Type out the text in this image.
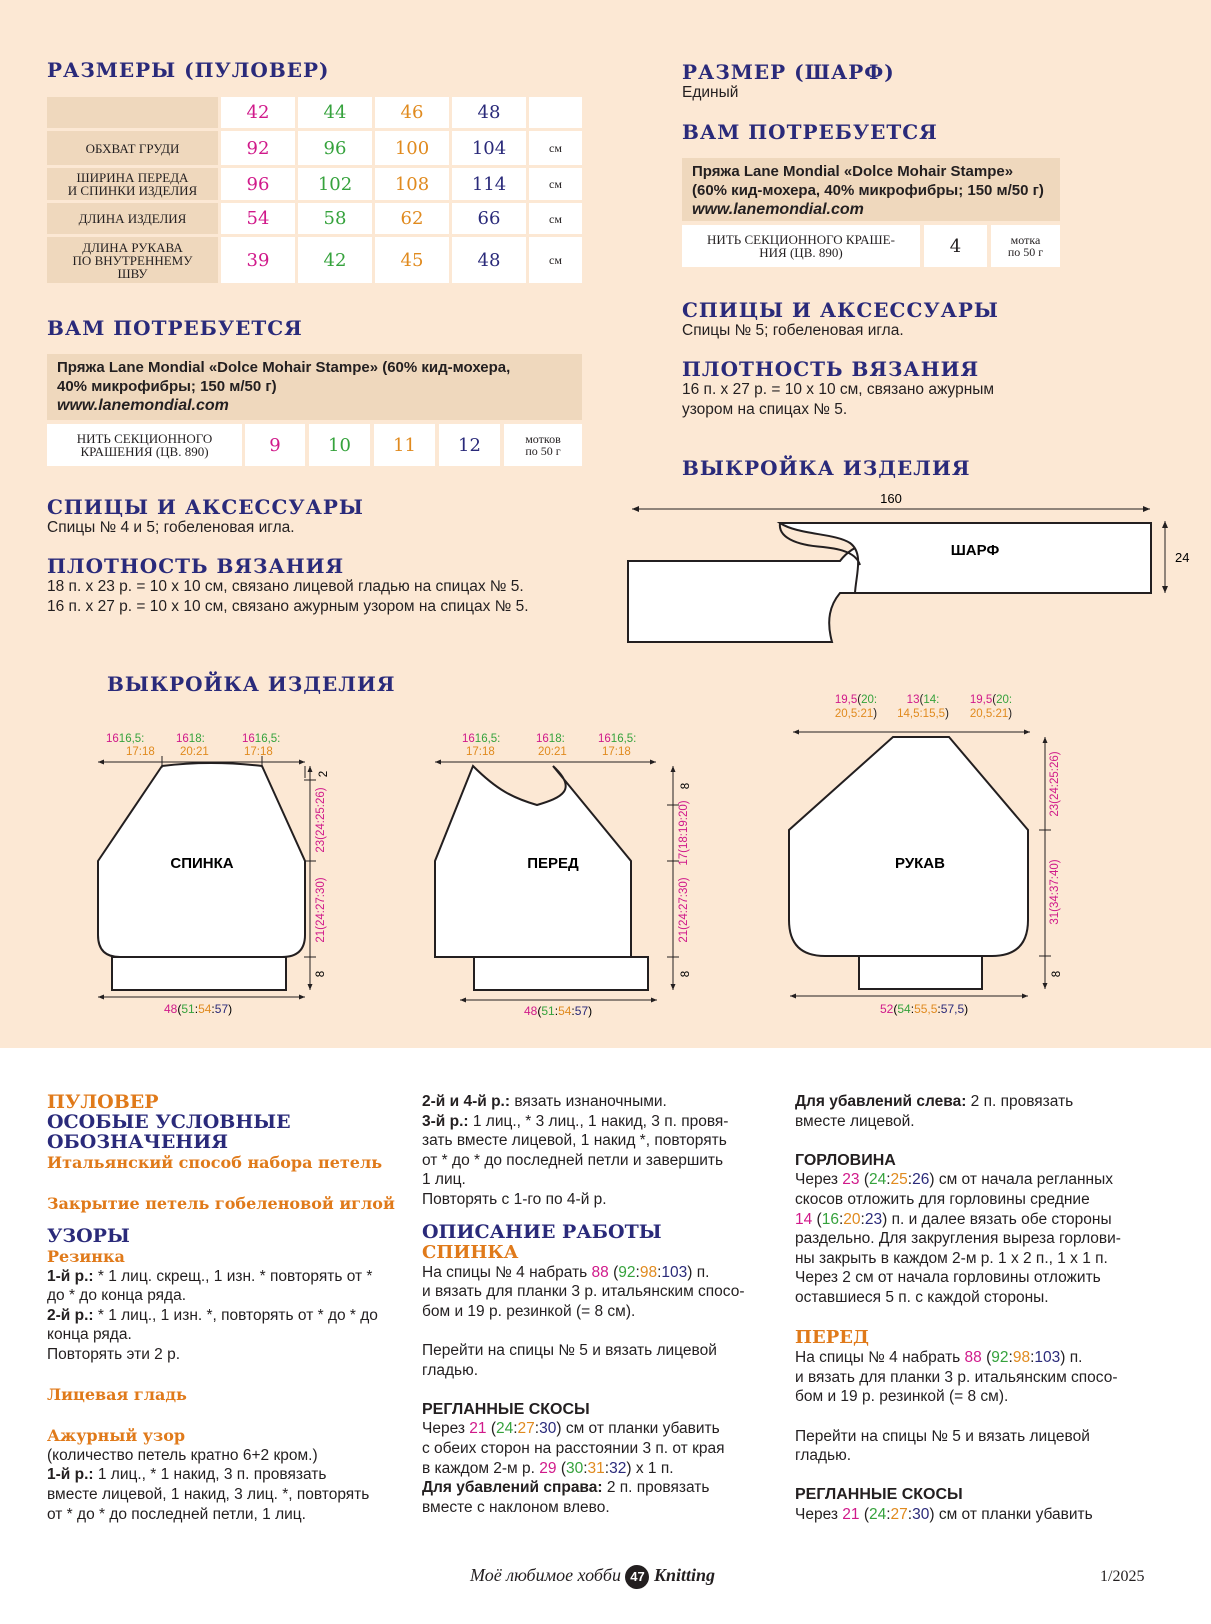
РАЗМЕРЫ (ПУЛОВЕР)
42	44	46	48
ОБХВАТ ГРУДИ	92	96	100	104	см
ШИРИНА ПЕРЕДА
И СПИНКИ ИЗДЕЛИЯ	96	102	108	114	см
ДЛИНА ИЗДЕЛИЯ	54	58	62	66	см
ДЛИНА РУКАВА
ПО ВНУТРЕННЕМУ
ШВУ
39	42	45	48	см
ВАМ ПОТРЕБУЕТСЯ
Пряжа Lane Mondial «Dolce Mohair Stampe» (60% кид-мохера,
40% микрофибры; 150 м/50 г)
www.lanemondial.com
НИТЬ СЕКЦИОННОГО
КРАШЕНИЯ (ЦВ. 890)	9	10	11	12	мотков
по 50 г
СПИЦЫ И АКСЕССУАРЫ

Спицы № 4 и 5; гобеленовая игла.

ПЛОТНОСТЬ ВЯЗАНИЯ

18 п. x 23 р. = 10 x 10 см, связано лицевой гладью на спицах № 5.

16 п. x 27 р. = 10 x 10 см, связано ажурным узором на спицах № 5.

РАЗМЕР (ШАРФ)

Единый

ВАМ ПОТРЕБУЕТСЯ
Пряжа Lane Mondial «Dolce Mohair Stampe»
(60% кид-мохера, 40% микрофибры; 150 м/50 г)
www.lanemondial.com
НИТЬ СЕКЦИОННОГО КРАШЕ-
НИЯ (ЦВ. 890)	4	мотка
по 50 г
СПИЦЫ И АКСЕССУАРЫ

Спицы № 5; гобеленовая игла.

ПЛОТНОСТЬ ВЯЗАНИЯ

16 п. x 27 р. = 10 x 10 см, связано ажурным

узором на спицах № 5.

ВЫКРОЙКА ИЗДЕЛИЯ
160
24
ШАРФ
ВЫКРОЙКА ИЗДЕЛИЯ
СПИНКА
1616,5:
17:18
1618:
20:21
1616,5:
17:18
2
23(24:25:26)
21(24:27:30)
8
48(51:54:57)
ПЕРЕД
1616,5:
17:18
1618:
20:21
1616,5:
17:18
8
17(18:19:20)
21(24:27:30)
8
48(51:54:57)
РУКАВ
23(24:25:26)
31(34:37:40)
8
52(54:55,5:57,5)
19,5(20:
20,5:21)
13(14:
14,5:15,5)
19,5(20:
20,5:21)

ПУЛОВЕР

ОСОБЫЕ УСЛОВНЫЕ

ОБОЗНАЧЕНИЯ

Итальянский способ набора петель

Закрытие петель гобеленовой иглой

УЗОРЫ

Резинка

1-й р.: * 1 лиц. скрещ., 1 изн. * повторять от *

до * до конца ряда.

2-й р.: * 1 лиц., 1 изн. *, повторять от * до * до

конца ряда.

Повторять эти 2 р.

Лицевая гладь

Ажурный узор

(количество петель кратно 6+2 кром.)

1-й р.: 1 лиц., * 1 накид, 3 п. провязать

вместе лицевой, 1 накид, 3 лиц. *, повторять

от * до * до последней петли, 1 лиц.

2-й и 4-й р.: вязать изнаночными.

3-й р.: 1 лиц., * 3 лиц., 1 накид, 3 п. провя-

зать вместе лицевой, 1 накид *, повторять

от * до * до последней петли и завершить

1 лиц.

Повторять с 1-го по 4-й р.

ОПИСАНИЕ РАБОТЫ

СПИНКА

На спицы № 4 набрать 88 (92:98:103) п.

и вязать для планки 3 р. итальянским спосо-

бом и 19 р. резинкой (= 8 см).

Перейти на спицы № 5 и вязать лицевой

гладью.

РЕГЛАННЫЕ СКОСЫ

Через 21 (24:27:30) см от планки убавить

с обеих сторон на расстоянии 3 п. от края

в каждом 2-м р. 29 (30:31:32) x 1 п.

Для убавлений справа: 2 п. провязать

вместе с наклоном влево.

Для убавлений слева: 2 п. провязать

вместе лицевой.

ГОРЛОВИНА

Через 23 (24:25:26) см от начала регланных

скосов отложить для горловины средние

14 (16:20:23) п. и далее вязать обе стороны

раздельно. Для закругления выреза горлови-

ны закрыть в каждом 2-м р. 1 x 2 п., 1 x 1 п.

Через 2 см от начала горловины отложить

оставшиеся 5 п. с каждой стороны.

ПЕРЕД

На спицы № 4 набрать 88 (92:98:103) п.

и вязать для планки 3 р. итальянским спосо-

бом и 19 р. резинкой (= 8 см).

Перейти на спицы № 5 и вязать лицевой

гладью.

РЕГЛАННЫЕ СКОСЫ

Через 21 (24:27:30) см от планки убавить

Моё любимое хобби 47 Knitting	1/2025
